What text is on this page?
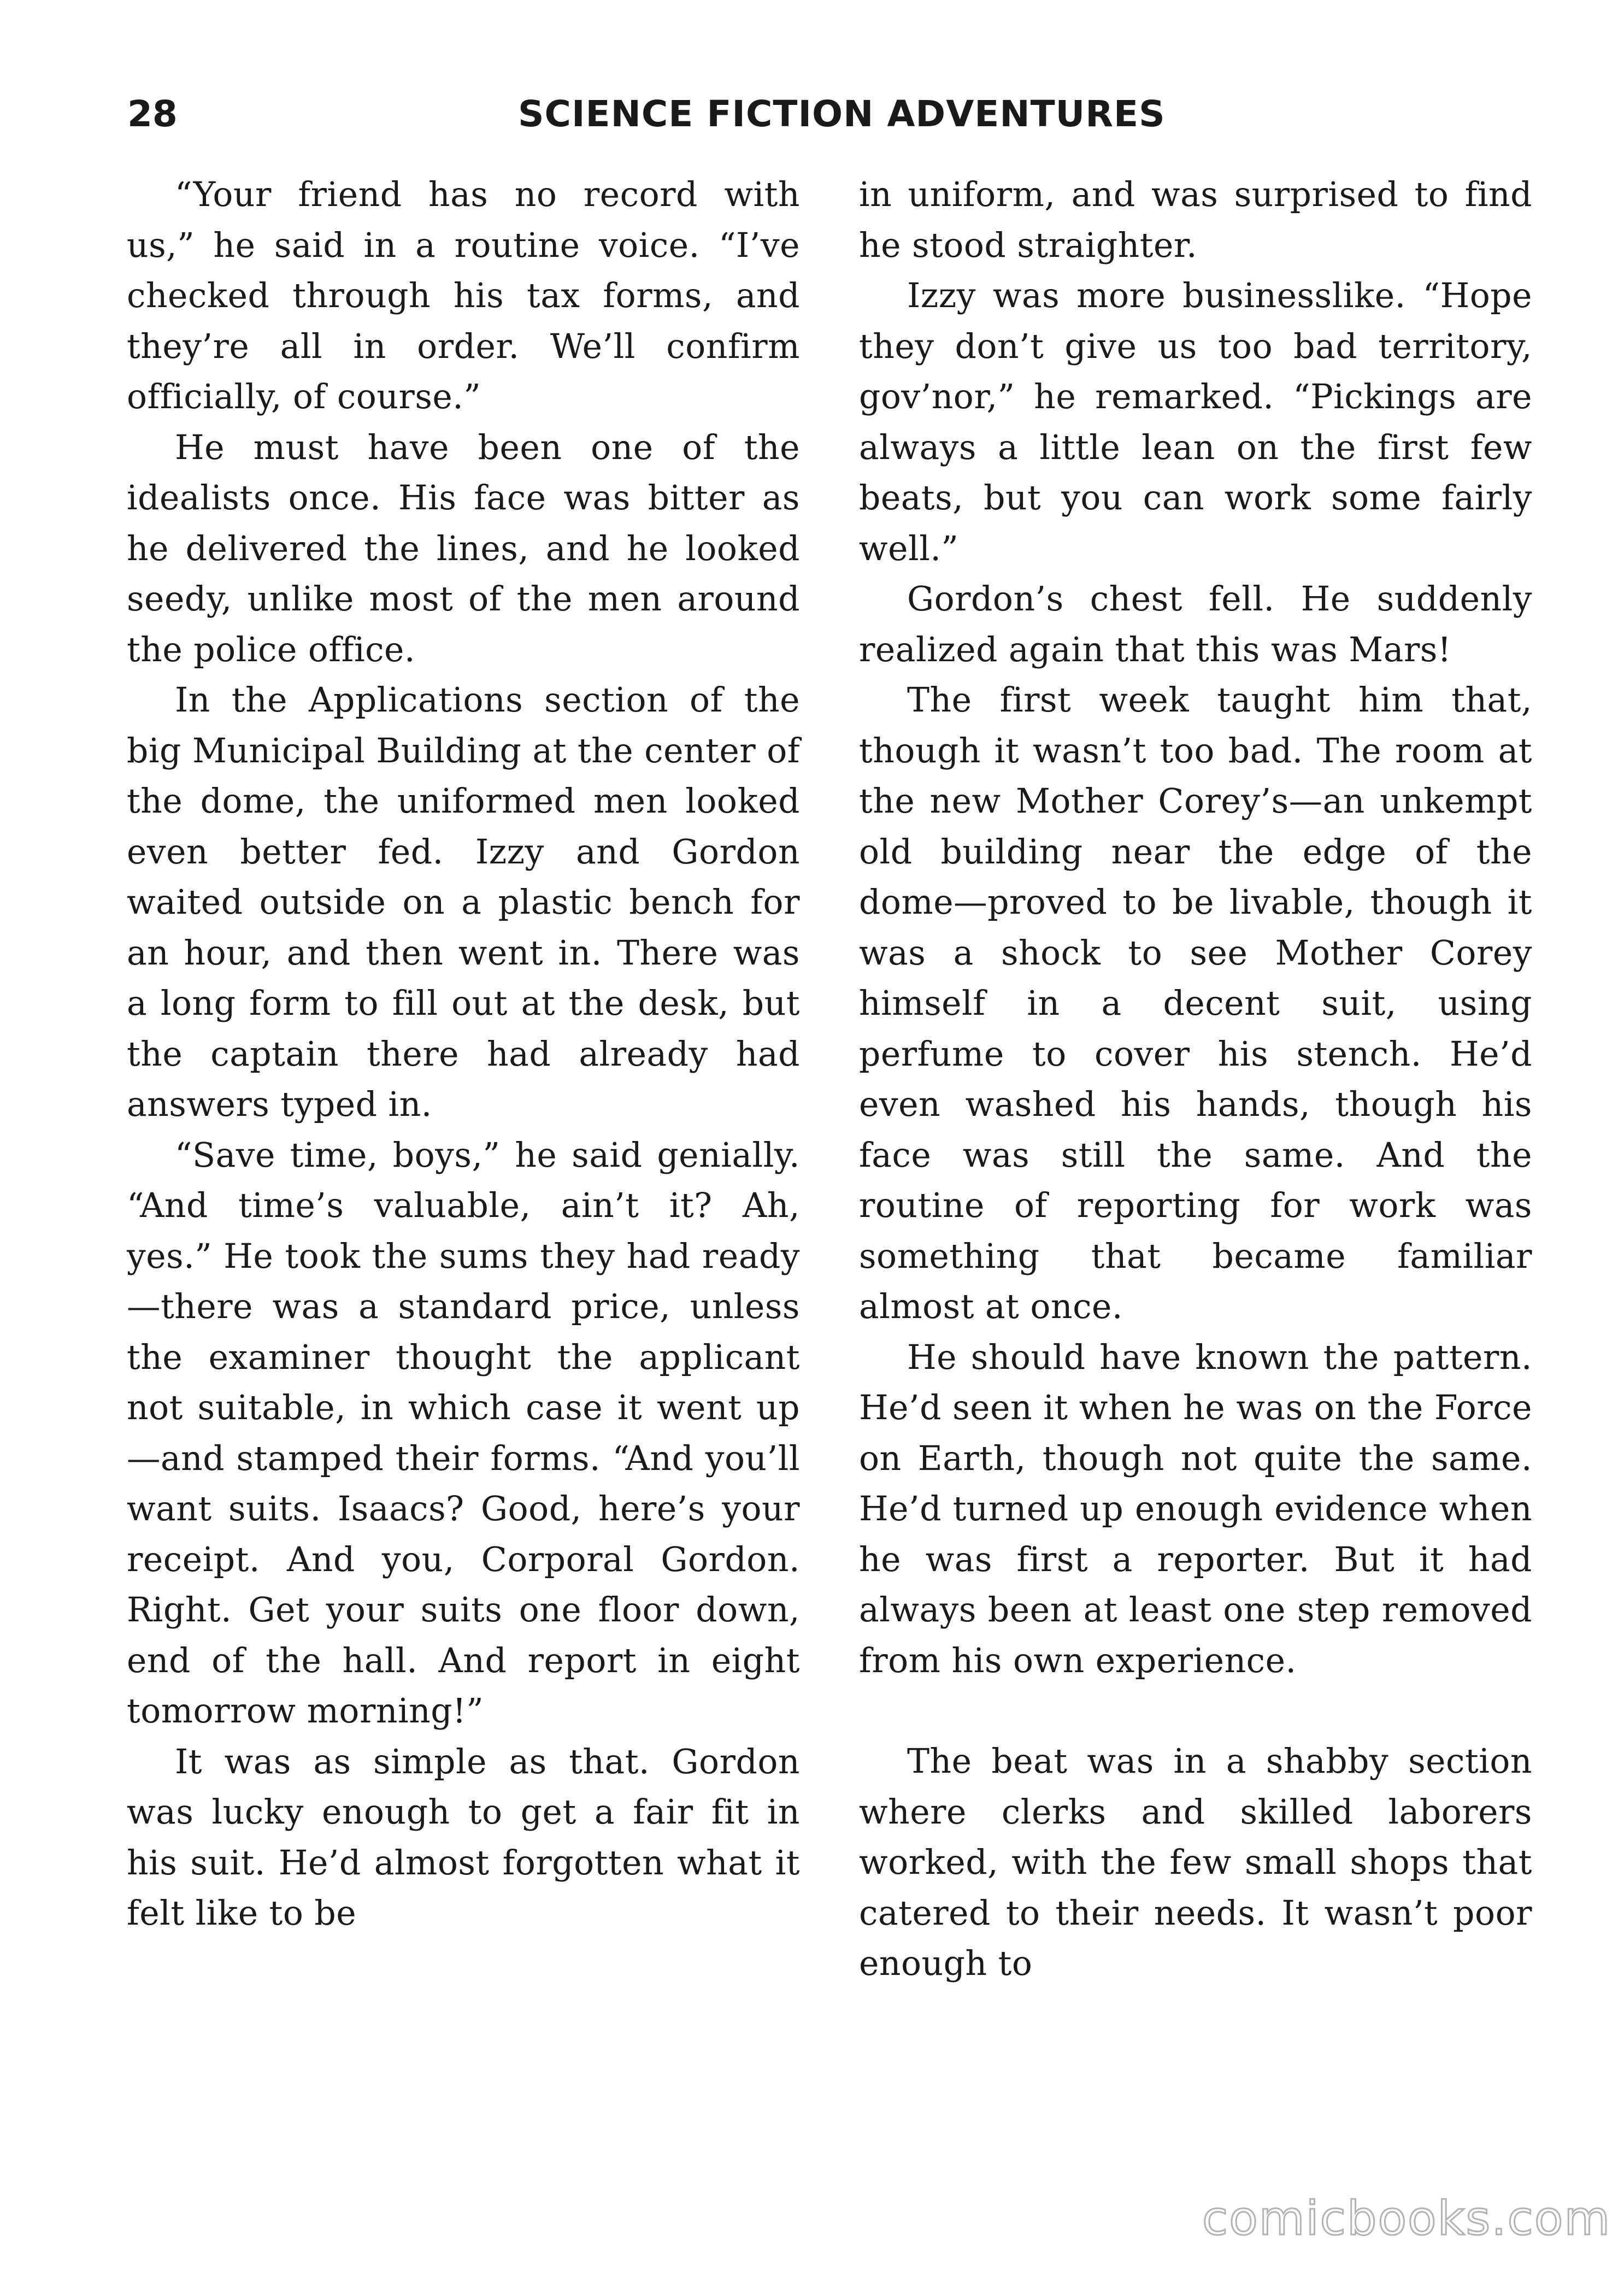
28	SCIENCE FICTION ADVENTURES

“Your friend has no record with us,” he said in a routine voice. “I’ve checked through his tax forms, and they’re all in order. We’ll confirm officially, of course.”

He must have been one of the idealists once. His face was bitter as he delivered the lines, and he looked seedy, unlike most of the men around the police office.

In the Applications section of the big Municipal Building at the center of the dome, the uniformed men looked even better fed. Izzy and Gordon waited outside on a plastic bench for an hour, and then went in. There was a long form to fill out at the desk, but the captain there had already had answers typed in.

“Save time, boys,” he said genially. “And time’s valuable, ain’t it? Ah, yes.” He took the sums they had ready—there was a standard price, unless the examiner thought the applicant not suitable, in which case it went up—and stamped their forms. “And you’ll want suits. Isaacs? Good, here’s your receipt. And you, Corporal Gordon. Right. Get your suits one floor down, end of the hall. And report in eight tomorrow morning!”

It was as simple as that. Gordon was lucky enough to get a fair fit in his suit. He’d almost forgotten what it felt like to be

in uniform, and was surprised to find he stood straighter.

Izzy was more businesslike. “Hope they don’t give us too bad territory, gov’nor,” he remarked. “Pickings are always a little lean on the first few beats, but you can work some fairly well.”

Gordon’s chest fell. He suddenly realized again that this was Mars!

The first week taught him that, though it wasn’t too bad. The room at the new Mother Corey’s—an unkempt old building near the edge of the dome—proved to be livable, though it was a shock to see Mother Corey himself in a decent suit, using perfume to cover his stench. He’d even washed his hands, though his face was still the same. And the routine of reporting for work was something that became familiar almost at once.

He should have known the pattern. He’d seen it when he was on the Force on Earth, though not quite the same. He’d turned up enough evidence when he was first a reporter. But it had always been at least one step removed from his own experience.

The beat was in a shabby section where clerks and skilled laborers worked, with the few small shops that catered to their needs. It wasn’t poor enough to

comicbooks.com
